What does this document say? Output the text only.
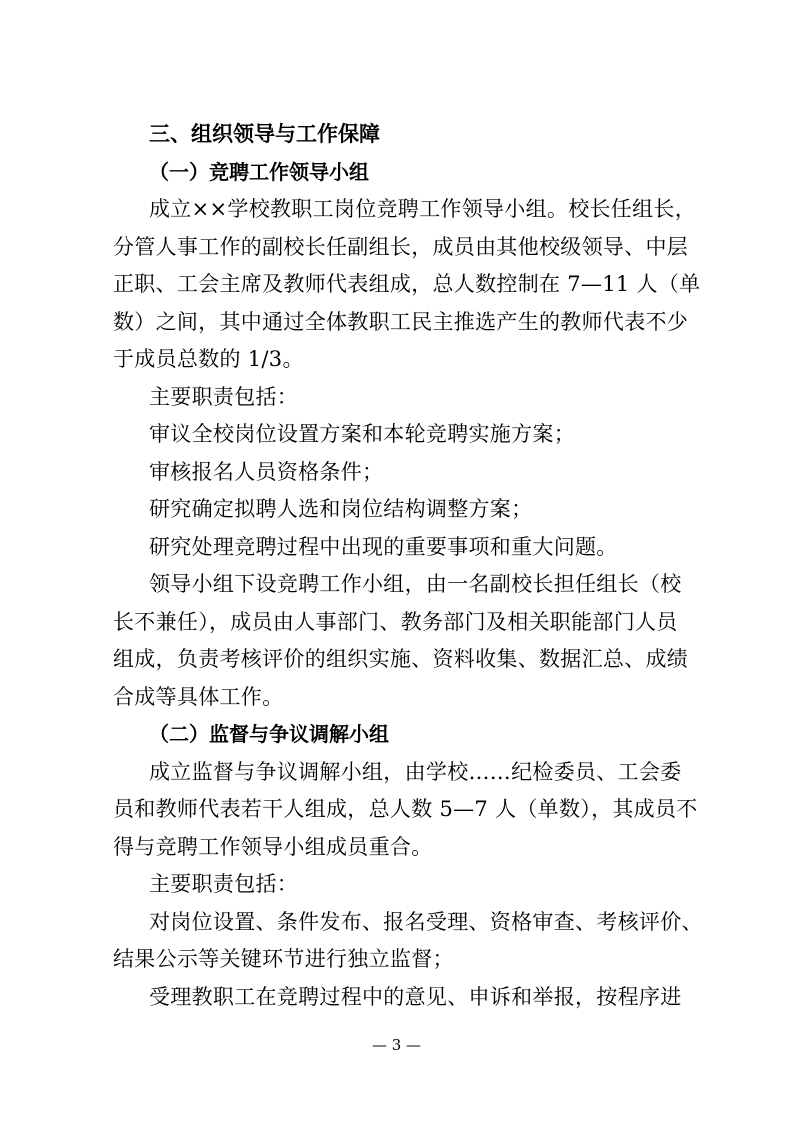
三、组织领导与工作保障
（一）竞聘工作领导小组
成立××学校教职工岗位竞聘工作领导小组。校长任组长，
分管人事工作的副校长任副组长，成员由其他校级领导、中层
正职、工会主席及教师代表组成，总人数控制在 7—11 人（单
数）之间，其中通过全体教职工民主推选产生的教师代表不少
于成员总数的 1/3。
主要职责包括：
审议全校岗位设置方案和本轮竞聘实施方案；
审核报名人员资格条件；
研究确定拟聘人选和岗位结构调整方案；
研究处理竞聘过程中出现的重要事项和重大问题。
领导小组下设竞聘工作小组，由一名副校长担任组长（校
长不兼任），成员由人事部门、教务部门及相关职能部门人员
组成，负责考核评价的组织实施、资料收集、数据汇总、成绩
合成等具体工作。
（二）监督与争议调解小组
成立监督与争议调解小组，由学校……纪检委员、工会委
员和教师代表若干人组成，总人数 5—7 人（单数），其成员不
得与竞聘工作领导小组成员重合。
主要职责包括：
对岗位设置、条件发布、报名受理、资格审查、考核评价、
结果公示等关键环节进行独立监督；
受理教职工在竞聘过程中的意见、申诉和举报，按程序进
— 3 —
